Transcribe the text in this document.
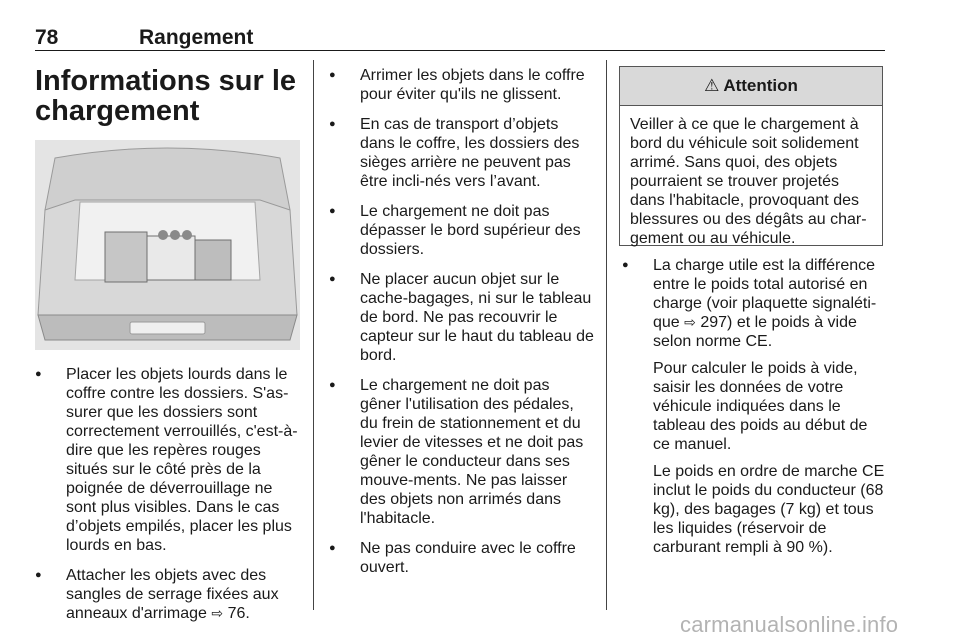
78	Rangement
Informations sur le chargement

● Placer les objets lourds dans le coffre contre les dossiers. S'as-surer que les dossiers sont correctement verrouillés, c'est-à-dire que les repères rouges situés sur le côté près de la poignée de déverrouillage ne sont plus visibles. Dans le cas d’objets empilés, placer les plus lourds en bas.

● Attacher les objets avec des sangles de serrage fixées aux anneaux d'arrimage ⇨ 76.

● Arrimer les objets dans le coffre pour éviter qu'ils ne glissent.

● En cas de transport d’objets dans le coffre, les dossiers des sièges arrière ne peuvent pas être incli-nés vers l’avant.

● Le chargement ne doit pas dépasser le bord supérieur des dossiers.

● Ne placer aucun objet sur le cache-bagages, ni sur le tableau de bord. Ne pas recouvrir le capteur sur le haut du tableau de bord.

● Le chargement ne doit pas gêner l'utilisation des pédales, du frein de stationnement et du levier de vitesses et ne doit pas gêner le conducteur dans ses mouve-ments. Ne pas laisser des objets non arrimés dans l'habitacle.

● Ne pas conduire avec le coffre ouvert.

⚠ Attention
Veiller à ce que le chargement à bord du véhicule soit solidement arrimé. Sans quoi, des objets pourraient se trouver projetés dans l'habitacle, provoquant des blessures ou des dégâts au char-gement ou au véhicule.

● La charge utile est la différence entre le poids total autorisé en charge (voir plaquette signaléti-que ⇨ 297) et le poids à vide selon norme CE.

Pour calculer le poids à vide, saisir les données de votre véhicule indiquées dans le tableau des poids au début de ce manuel.

Le poids en ordre de marche CE inclut le poids du conducteur (68 kg), des bagages (7 kg) et tous les liquides (réservoir de carburant rempli à 90 %).

carmanualsonline.info
